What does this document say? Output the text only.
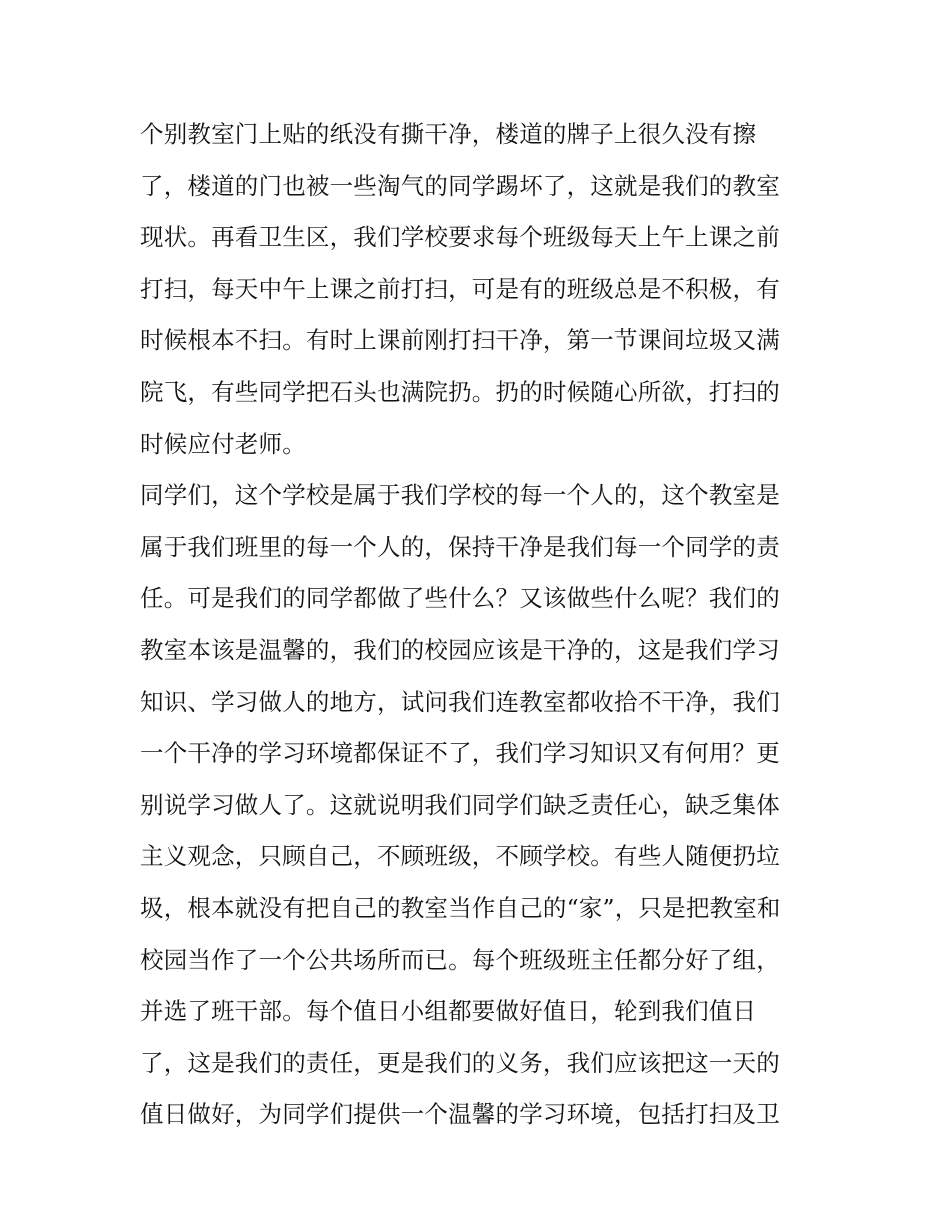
个别教室门上贴的纸没有撕干净，楼道的牌子上很久没有擦
了，楼道的门也被一些淘气的同学踢坏了，这就是我们的教室
现状。再看卫生区，我们学校要求每个班级每天上午上课之前
打扫，每天中午上课之前打扫，可是有的班级总是不积极，有
时候根本不扫。有时上课前刚打扫干净，第一节课间垃圾又满
院飞，有些同学把石头也满院扔。扔的时候随心所欲，打扫的
时候应付老师。
同学们，这个学校是属于我们学校的每一个人的，这个教室是
属于我们班里的每一个人的，保持干净是我们每一个同学的责
任。可是我们的同学都做了些什么？又该做些什么呢？我们的
教室本该是温馨的，我们的校园应该是干净的，这是我们学习
知识、学习做人的地方，试问我们连教室都收拾不干净，我们
一个干净的学习环境都保证不了，我们学习知识又有何用？更
别说学习做人了。这就说明我们同学们缺乏责任心，缺乏集体
主义观念，只顾自己，不顾班级，不顾学校。有些人随便扔垃
圾，根本就没有把自己的教室当作自己的“家”，只是把教室和
校园当作了一个公共场所而已。每个班级班主任都分好了组，
并选了班干部。每个值日小组都要做好值日，轮到我们值日
了，这是我们的责任，更是我们的义务，我们应该把这一天的
值日做好，为同学们提供一个温馨的学习环境，包括打扫及卫
